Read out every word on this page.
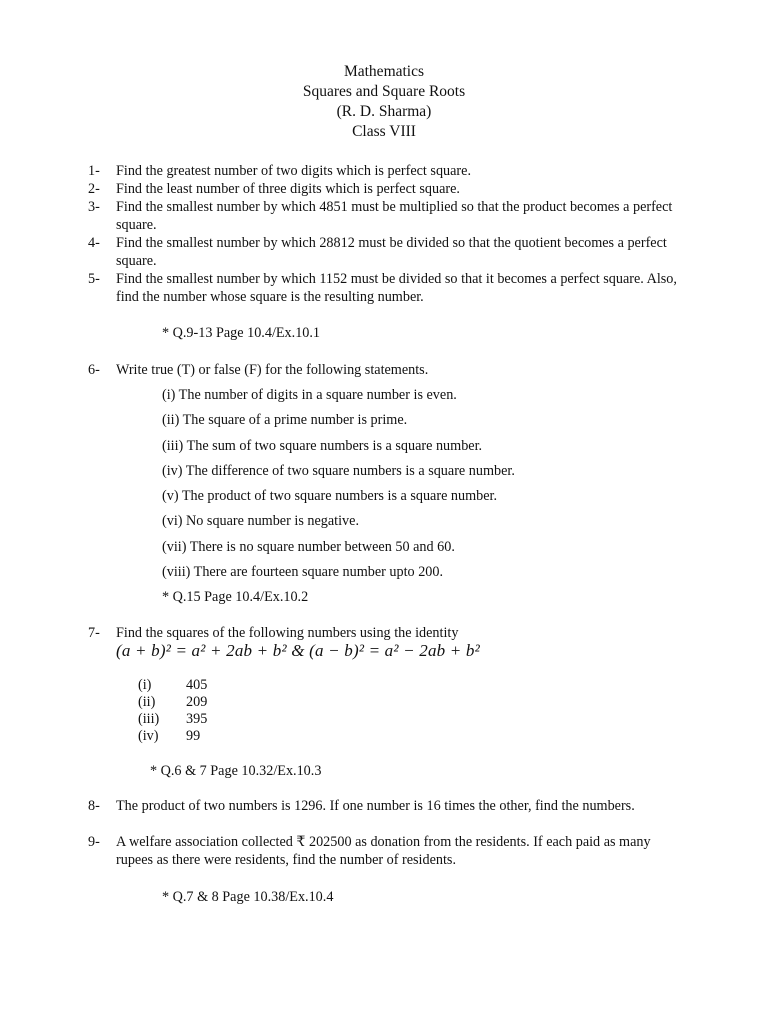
Mathematics
Squares and Square Roots
(R. D. Sharma)
Class VIII
1-	Find the greatest number of two digits which is perfect square.
2-	Find the least number of three digits which is perfect square.
3-	Find the smallest number by which 4851 must be multiplied so that the product becomes a perfect square.
4-	Find the smallest number by which 28812 must be divided so that the quotient becomes a perfect square.
5-	Find the smallest number by which 1152 must be divided so that it becomes a perfect square. Also, find the number whose square is the resulting number.
* Q.9-13 Page 10.4/Ex.10.1
6-	Write true (T) or false (F) for the following statements.
(i) The number of digits in a square number is even.
(ii) The square of a prime number is prime.
(iii) The sum of two square numbers is a square number.
(iv) The difference of two square numbers is a square number.
(v) The product of two square numbers is a square number.
(vi) No square number is negative.
(vii) There is no square number between 50 and 60.
(viii) There are fourteen square number upto 200.
* Q.15 Page 10.4/Ex.10.2
7-	Find the squares of the following numbers using the identity
(a + b)² = a² + 2ab + b² & (a − b)² = a² − 2ab + b²
(i) 405
(ii) 209
(iii) 395
(iv) 99
* Q.6 & 7 Page 10.32/Ex.10.3
8-	The product of two numbers is 1296. If one number is 16 times the other, find the numbers.
9-	A welfare association collected ₹ 202500 as donation from the residents. If each paid as many rupees as there were residents, find the number of residents.
* Q.7 & 8 Page 10.38/Ex.10.4
